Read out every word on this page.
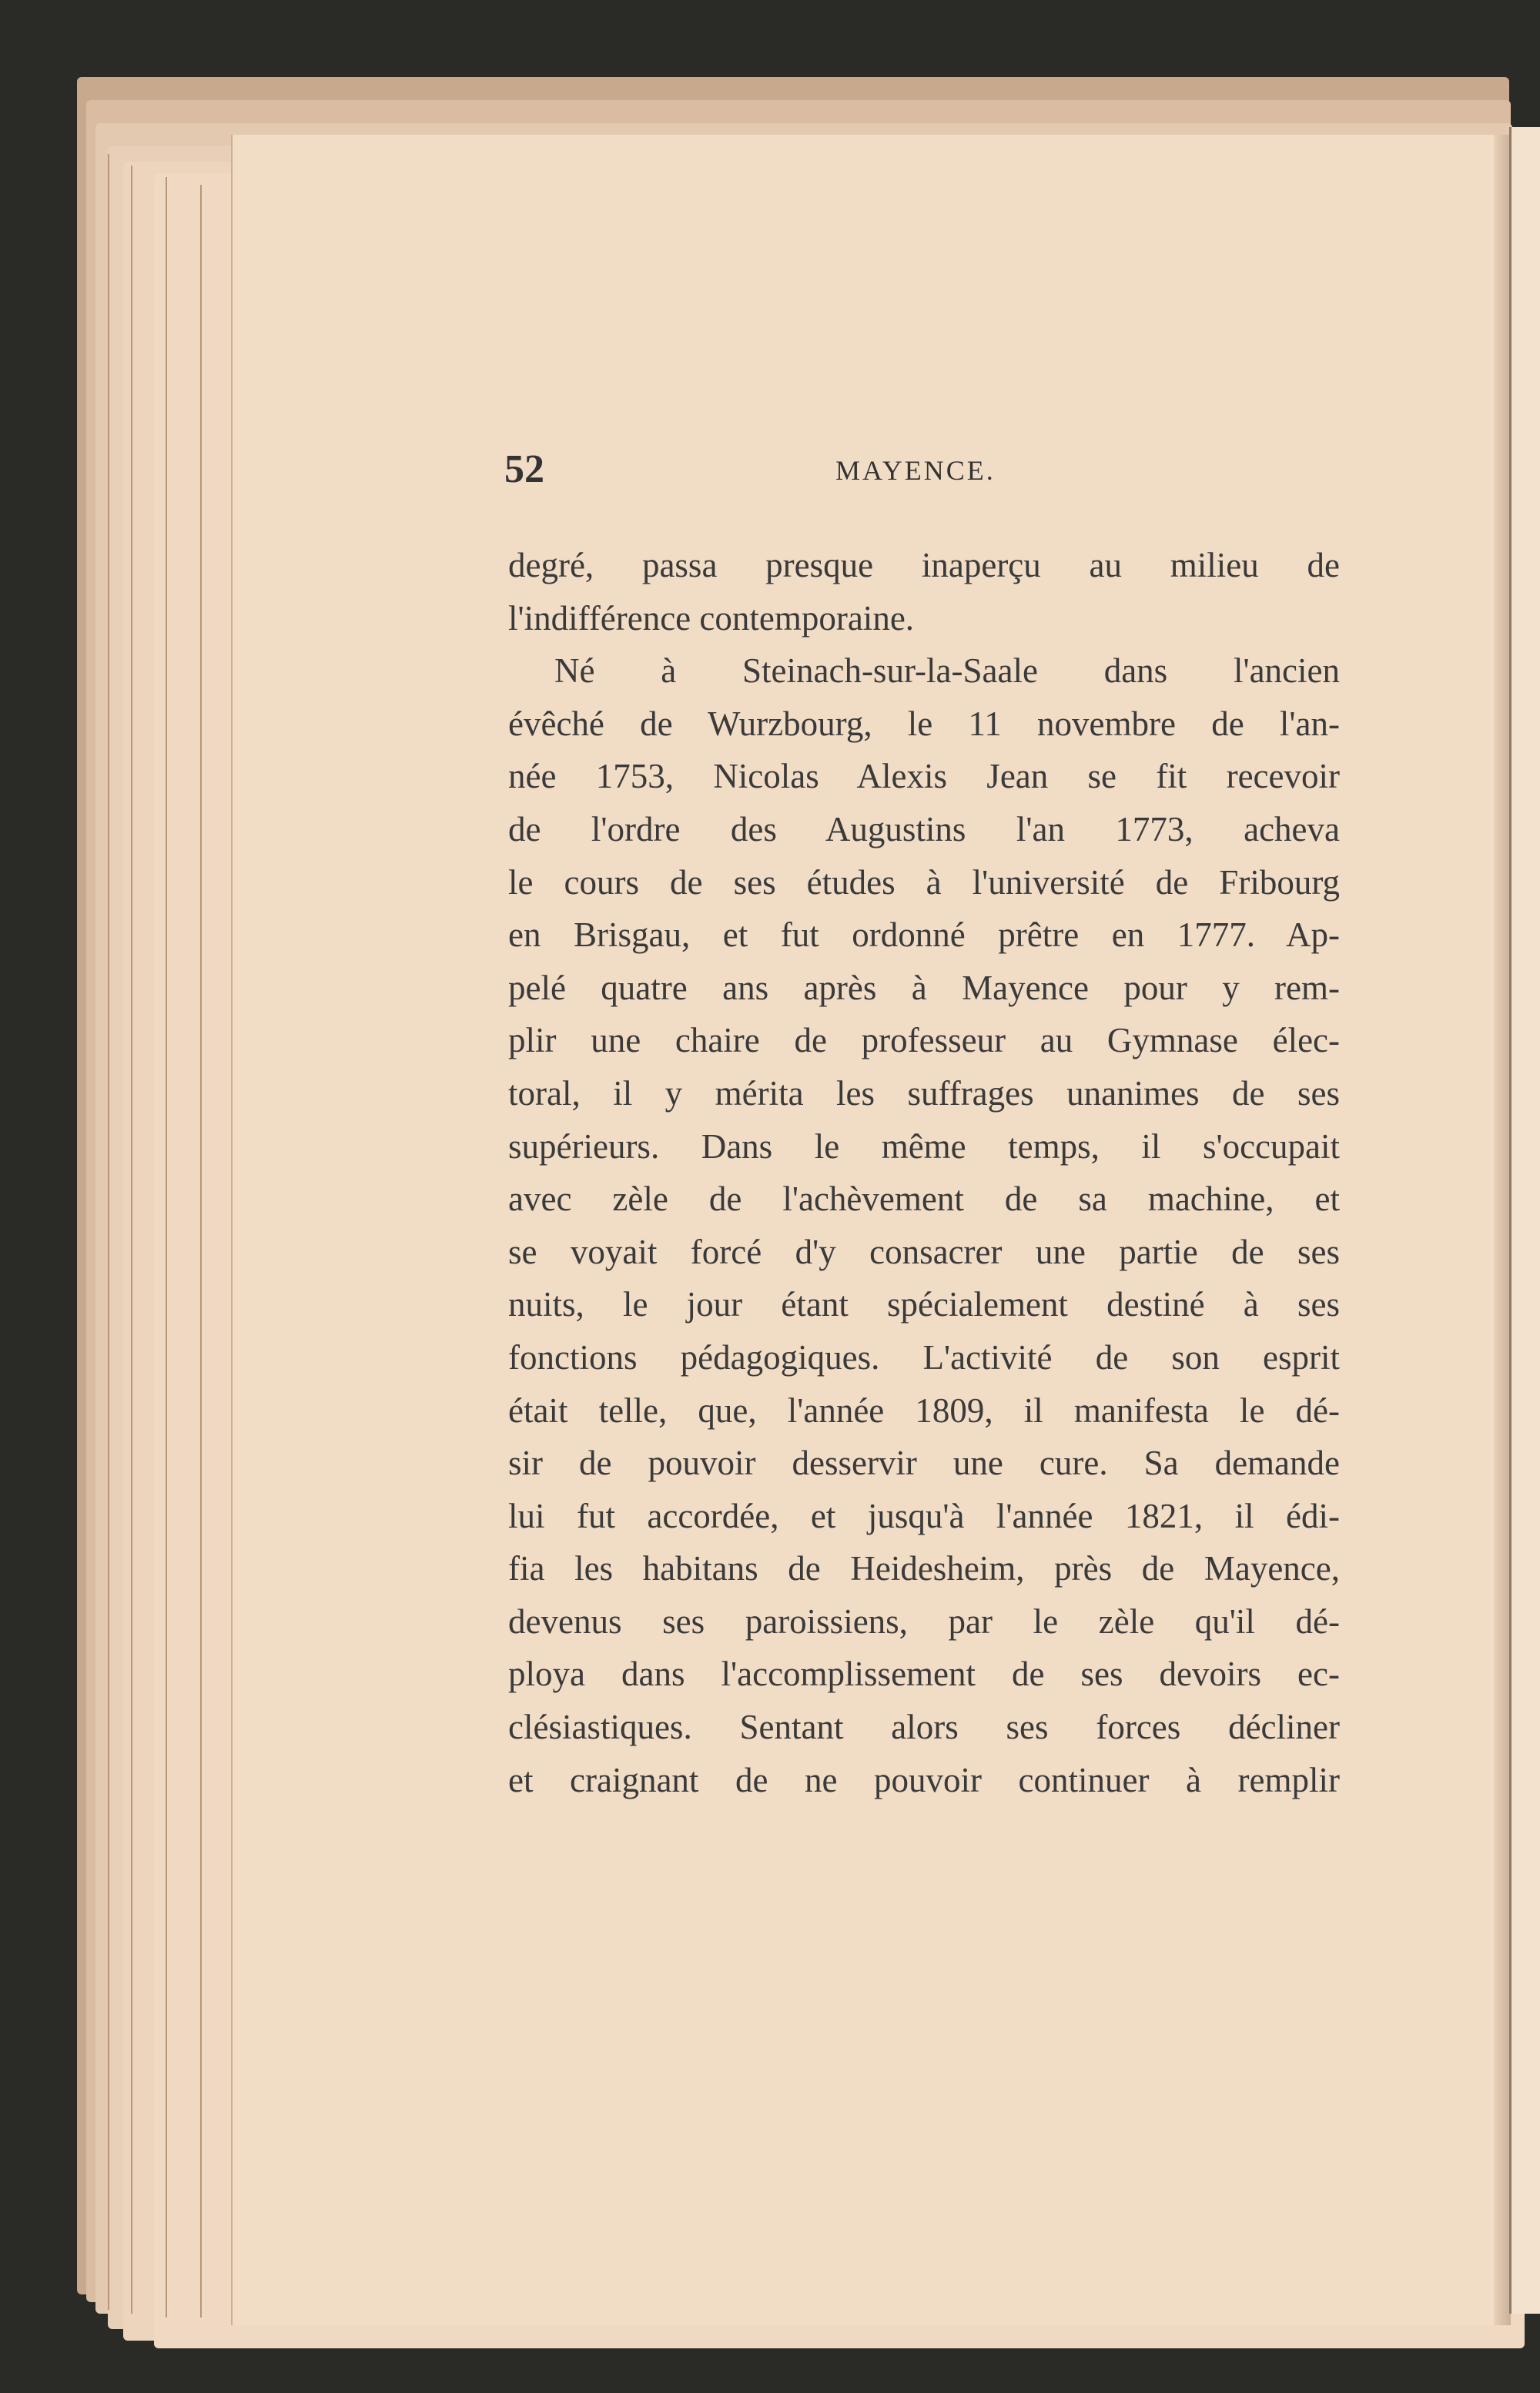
52	MAYENCE.
degré, passa presque inaperçu au milieu de
l'indifférence contemporaine.
Né à Steinach-sur-la-Saale dans l'ancien
évêché de Wurzbourg, le 11 novembre de l'an-
née 1753, Nicolas Alexis Jean se fit recevoir
de l'ordre des Augustins l'an 1773, acheva
le cours de ses études à l'université de Fribourg
en Brisgau, et fut ordonné prêtre en 1777. Ap-
pelé quatre ans après à Mayence pour y rem-
plir une chaire de professeur au Gymnase élec-
toral, il y mérita les suffrages unanimes de ses
supérieurs. Dans le même temps, il s'occupait
avec zèle de l'achèvement de sa machine, et
se voyait forcé d'y consacrer une partie de ses
nuits, le jour étant spécialement destiné à ses
fonctions pédagogiques. L'activité de son esprit
était telle, que, l'année 1809, il manifesta le dé-
sir de pouvoir desservir une cure. Sa demande
lui fut accordée, et jusqu'à l'année 1821, il édi-
fia les habitans de Heidesheim, près de Mayence,
devenus ses paroissiens, par le zèle qu'il dé-
ploya dans l'accomplissement de ses devoirs ec-
clésiastiques. Sentant alors ses forces décliner
et craignant de ne pouvoir continuer à remplir
